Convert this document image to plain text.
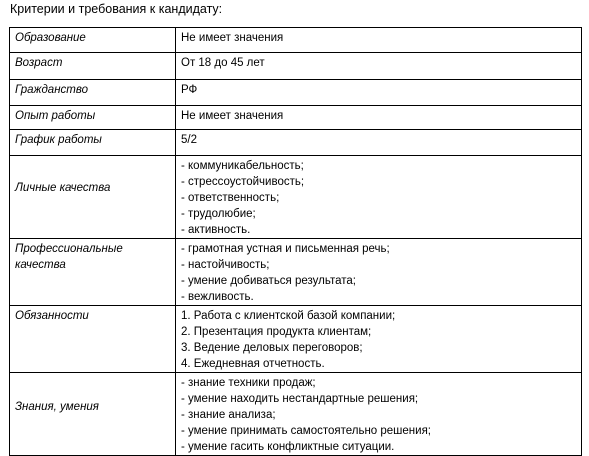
Критерии и требования к кандидату:
Образование	Не имеет значения

Возраст	От 18 до 45 лет

Гражданство	РФ

Опыт работы	Не имеет значения

График работы	5/2

Личные качества	- коммуникабельность;
- стрессоустойчивость;
- ответственность;
- трудолюбие;
- активность.

Профессиональные качества	- грамотная устная и письменная речь;
- настойчивость;
- умение добиваться результата;
- вежливость.

Обязанности	1. Работа с клиентской базой компании;
2. Презентация продукта клиентам;
3. Ведение деловых переговоров;
4. Ежедневная отчетность.

Знания, умения	- знание техники продаж;
- умение находить нестандартные решения;
- знание анализа;
- умение принимать самостоятельно решения;
- умение гасить конфликтные ситуации.
